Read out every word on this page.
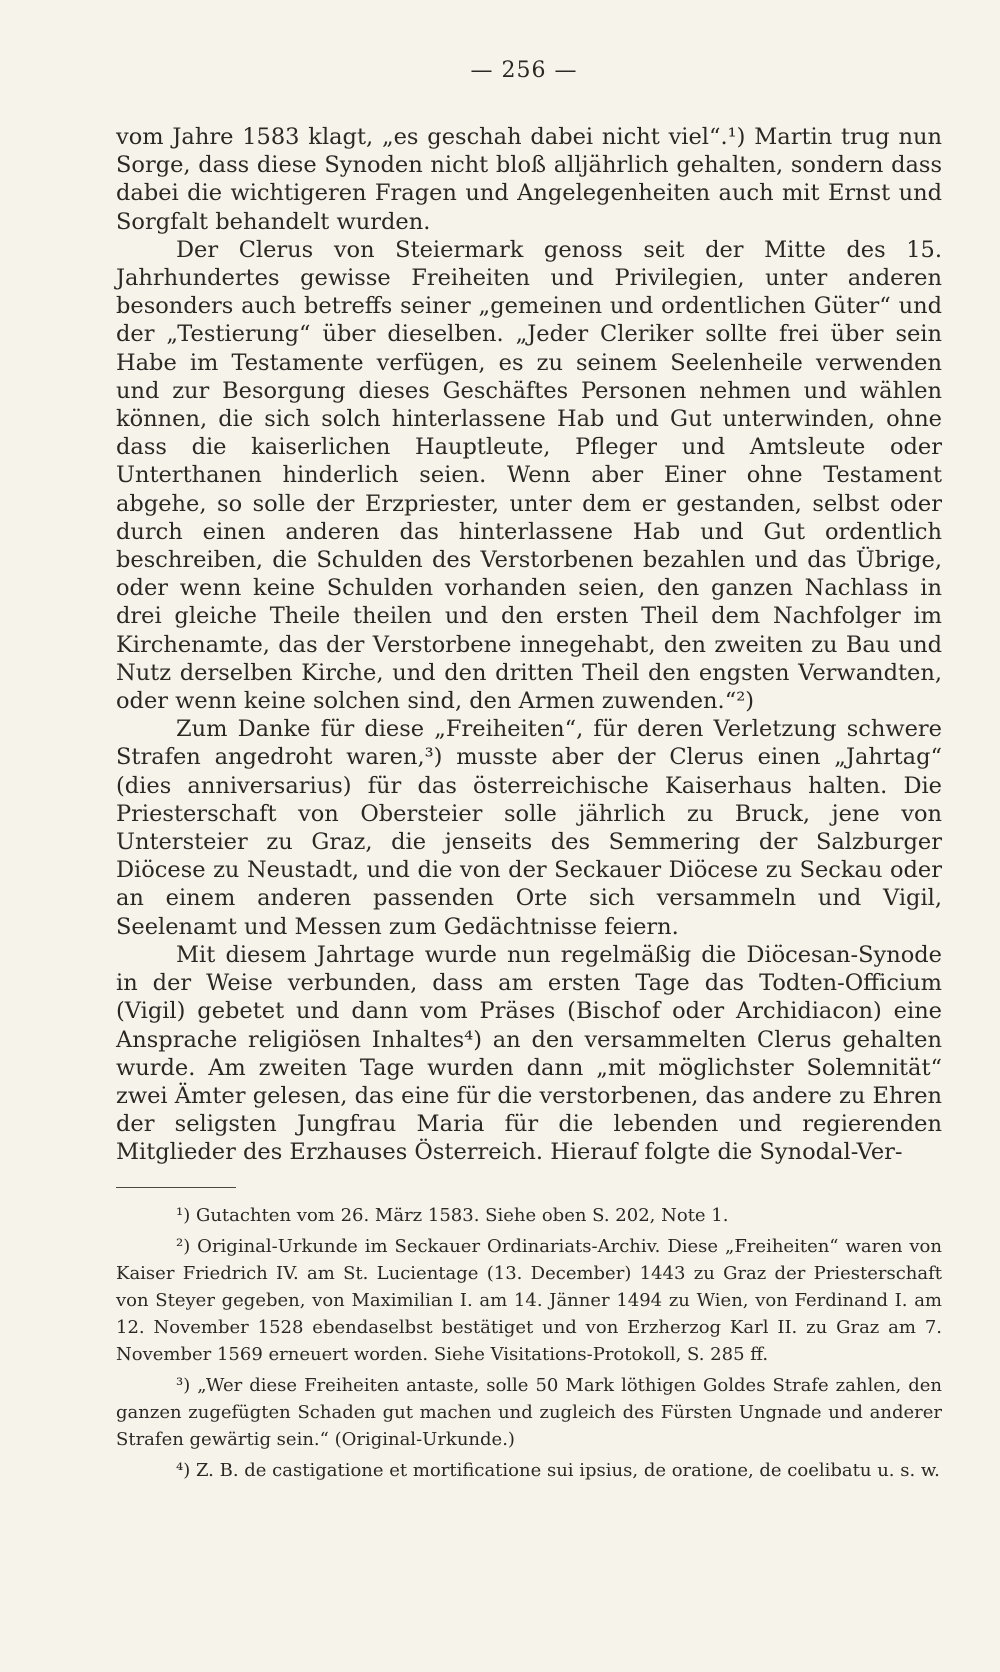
— 256 —

vom Jahre 1583 klagt, „es geschah dabei nicht viel“.¹) Martin trug nun Sorge, dass diese Synoden nicht bloß alljährlich gehalten, sondern dass dabei die wichtigeren Fragen und Angelegenheiten auch mit Ernst und Sorgfalt behandelt wurden.

Der Clerus von Steiermark genoss seit der Mitte des 15. Jahrhundertes gewisse Freiheiten und Privilegien, unter anderen besonders auch betreffs seiner „gemeinen und ordentlichen Güter“ und der „Testierung“ über dieselben. „Jeder Cleriker sollte frei über sein Habe im Testamente verfügen, es zu seinem Seelenheile verwenden und zur Besorgung dieses Geschäftes Personen nehmen und wählen können, die sich solch hinterlassene Hab und Gut unterwinden, ohne dass die kaiserlichen Hauptleute, Pfleger und Amtsleute oder Unterthanen hinderlich seien. Wenn aber Einer ohne Testament abgehe, so solle der Erzpriester, unter dem er gestanden, selbst oder durch einen anderen das hinterlassene Hab und Gut ordentlich beschreiben, die Schulden des Verstorbenen bezahlen und das Übrige, oder wenn keine Schulden vorhanden seien, den ganzen Nachlass in drei gleiche Theile theilen und den ersten Theil dem Nachfolger im Kirchenamte, das der Verstorbene innegehabt, den zweiten zu Bau und Nutz derselben Kirche, und den dritten Theil den engsten Verwandten, oder wenn keine solchen sind, den Armen zuwenden.“²)

Zum Danke für diese „Freiheiten“, für deren Verletzung schwere Strafen angedroht waren,³) musste aber der Clerus einen „Jahrtag“ (dies anniversarius) für das österreichische Kaiserhaus halten. Die Priesterschaft von Obersteier solle jährlich zu Bruck, jene von Untersteier zu Graz, die jenseits des Semmering der Salzburger Diöcese zu Neustadt, und die von der Seckauer Diöcese zu Seckau oder an einem anderen passenden Orte sich versammeln und Vigil, Seelenamt und Messen zum Gedächtnisse feiern.

Mit diesem Jahrtage wurde nun regelmäßig die Diöcesan-Synode in der Weise verbunden, dass am ersten Tage das Todten-Officium (Vigil) gebetet und dann vom Präses (Bischof oder Archidiacon) eine Ansprache religiösen Inhaltes⁴) an den versammelten Clerus gehalten wurde. Am zweiten Tage wurden dann „mit möglichster Solemnität“ zwei Ämter gelesen, das eine für die verstorbenen, das andere zu Ehren der seligsten Jungfrau Maria für die lebenden und regierenden Mitglieder des Erzhauses Österreich. Hierauf folgte die Synodal-Ver-

¹) Gutachten vom 26. März 1583. Siehe oben S. 202, Note 1.

²) Original-Urkunde im Seckauer Ordinariats-Archiv. Diese „Freiheiten“ waren von Kaiser Friedrich IV. am St. Lucientage (13. December) 1443 zu Graz der Priesterschaft von Steyer gegeben, von Maximilian I. am 14. Jänner 1494 zu Wien, von Ferdinand I. am 12. November 1528 ebendaselbst bestätiget und von Erzherzog Karl II. zu Graz am 7. November 1569 erneuert worden. Siehe Visitations-Protokoll, S. 285 ff.

³) „Wer diese Freiheiten antaste, solle 50 Mark löthigen Goldes Strafe zahlen, den ganzen zugefügten Schaden gut machen und zugleich des Fürsten Ungnade und anderer Strafen gewärtig sein.“ (Original-Urkunde.)

⁴) Z. B. de castigatione et mortificatione sui ipsius, de oratione, de coelibatu u. s. w.
